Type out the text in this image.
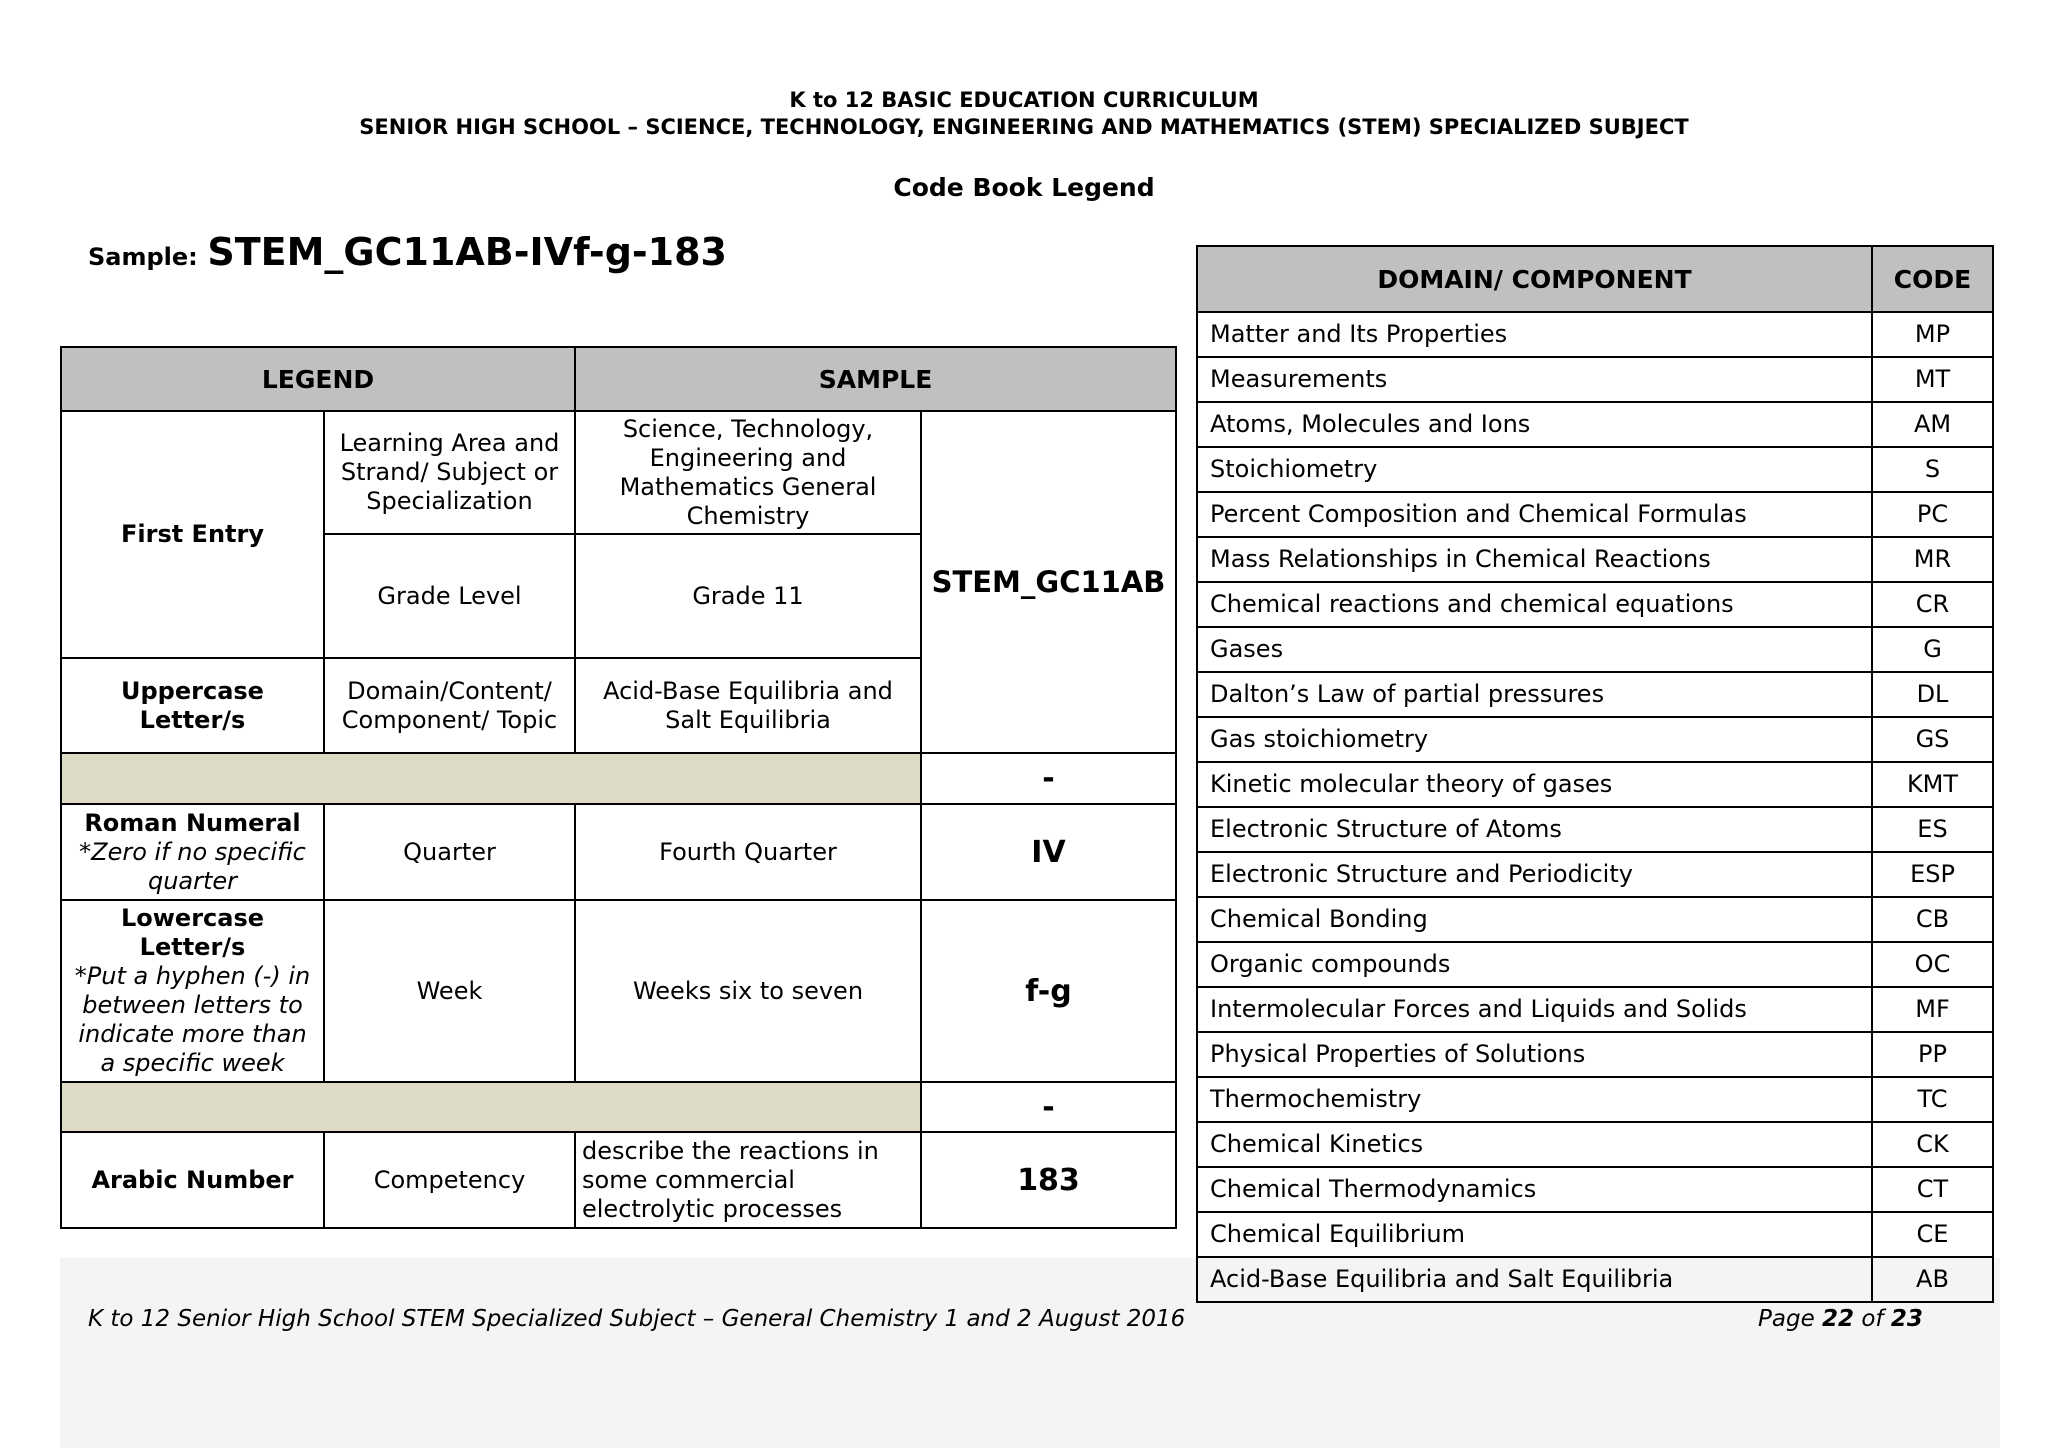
K to 12 BASIC EDUCATION CURRICULUM
SENIOR HIGH SCHOOL – SCIENCE, TECHNOLOGY, ENGINEERING AND MATHEMATICS (STEM) SPECIALIZED SUBJECT
Code Book Legend
Sample: STEM_GC11AB-IVf-g-183
LEGEND		SAMPLE	
First Entry	Learning Area and Strand/ Subject or Specialization	Science, Technology, Engineering and Mathematics General Chemistry	STEM_GC11AB
	Grade Level	Grade 11	
Uppercase Letter/s	Domain/Content/ Component/ Topic	Acid-Base Equilibria and Salt Equilibria	
			-

Roman Numeral
*Zero if no specific quarter	Quarter	Fourth Quarter	IV

Lowercase Letter/s
*Put a hyphen (-) in between letters to indicate more than a specific week	Week	Weeks six to seven	f-g
			-
Arabic Number	Competency	describe the reactions in some commercial electrolytic processes	183
DOMAIN/ COMPONENT	CODE
Matter and Its Properties	MP
Measurements	MT
Atoms, Molecules and Ions	AM
Stoichiometry	S
Percent Composition and Chemical Formulas	PC
Mass Relationships in Chemical Reactions	MR
Chemical reactions and chemical equations	CR
Gases	G
Dalton’s Law of partial pressures	DL
Gas stoichiometry	GS
Kinetic molecular theory of gases	KMT
Electronic Structure of Atoms	ES
Electronic Structure and Periodicity	ESP
Chemical Bonding	CB
Organic compounds	OC
Intermolecular Forces and Liquids and Solids	MF
Physical Properties of Solutions	PP
Thermochemistry	TC
Chemical Kinetics	CK
Chemical Thermodynamics	CT
Chemical Equilibrium	CE
Acid-Base Equilibria and Salt Equilibria	AB
K to 12 Senior High School STEM Specialized Subject – General Chemistry 1 and 2 August 2016	Page 22 of 23
